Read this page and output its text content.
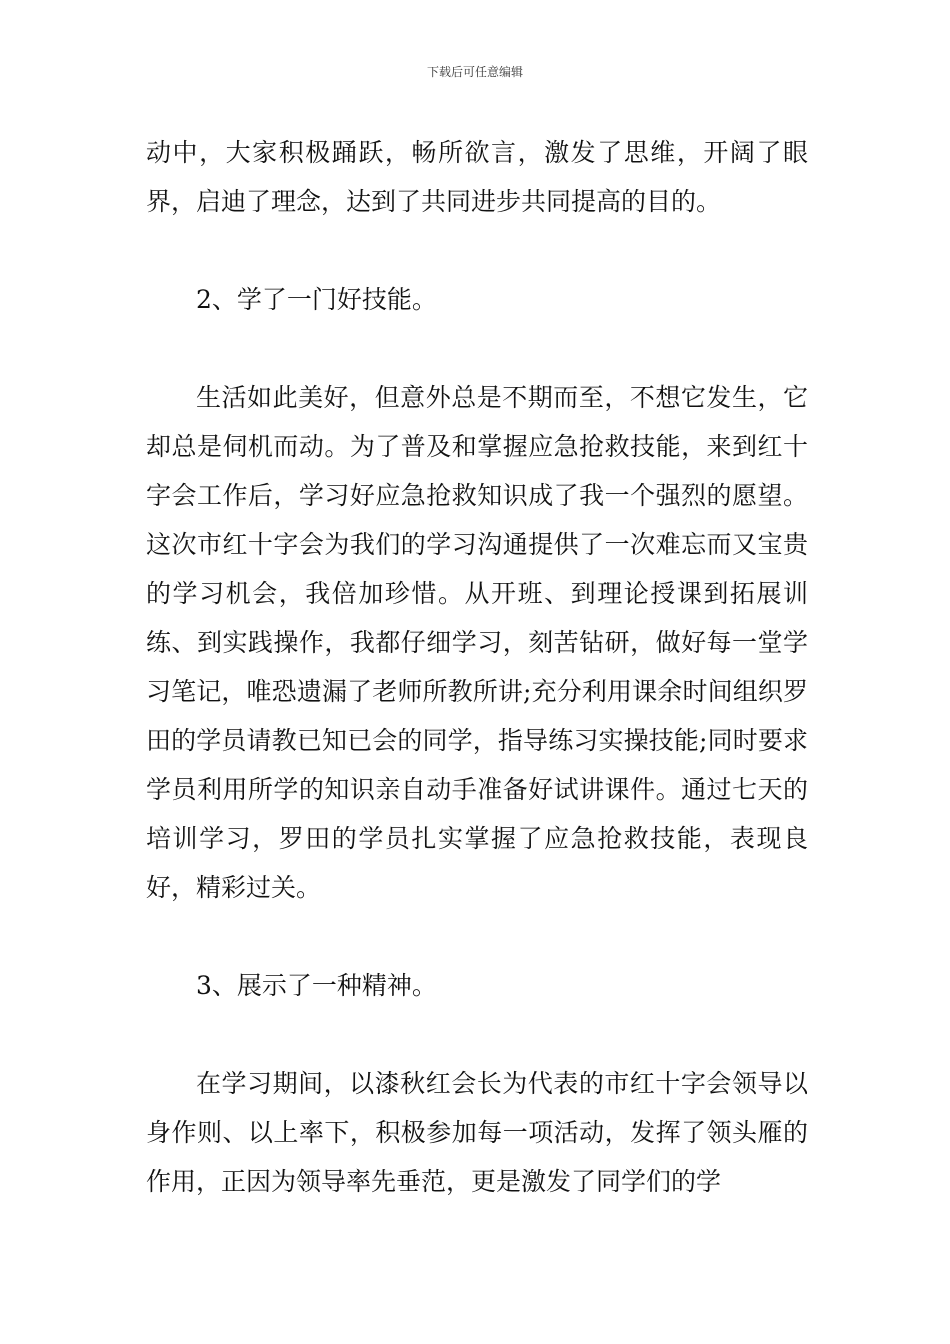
下载后可任意编辑

动中，大家积极踊跃，畅所欲言，激发了思维，开阔了眼界，启迪了理念，达到了共同进步共同提高的目的。

2、学了一门好技能。

生活如此美好，但意外总是不期而至，不想它发生，它却总是伺机而动。为了普及和掌握应急抢救技能，来到红十字会工作后，学习好应急抢救知识成了我一个强烈的愿望。这次市红十字会为我们的学习沟通提供了一次难忘而又宝贵的学习机会，我倍加珍惜。从开班、到理论授课到拓展训练、到实践操作，我都仔细学习，刻苦钻研，做好每一堂学习笔记，唯恐遗漏了老师所教所讲;充分利用课余时间组织罗田的学员请教已知已会的同学，指导练习实操技能;同时要求学员利用所学的知识亲自动手准备好试讲课件。通过七天的培训学习，罗田的学员扎实掌握了应急抢救技能，表现良好，精彩过关。

3、展示了一种精神。

在学习期间，以漆秋红会长为代表的市红十字会领导以身作则、以上率下，积极参加每一项活动，发挥了领头雁的作用，正因为领导率先垂范，更是激发了同学们的学
